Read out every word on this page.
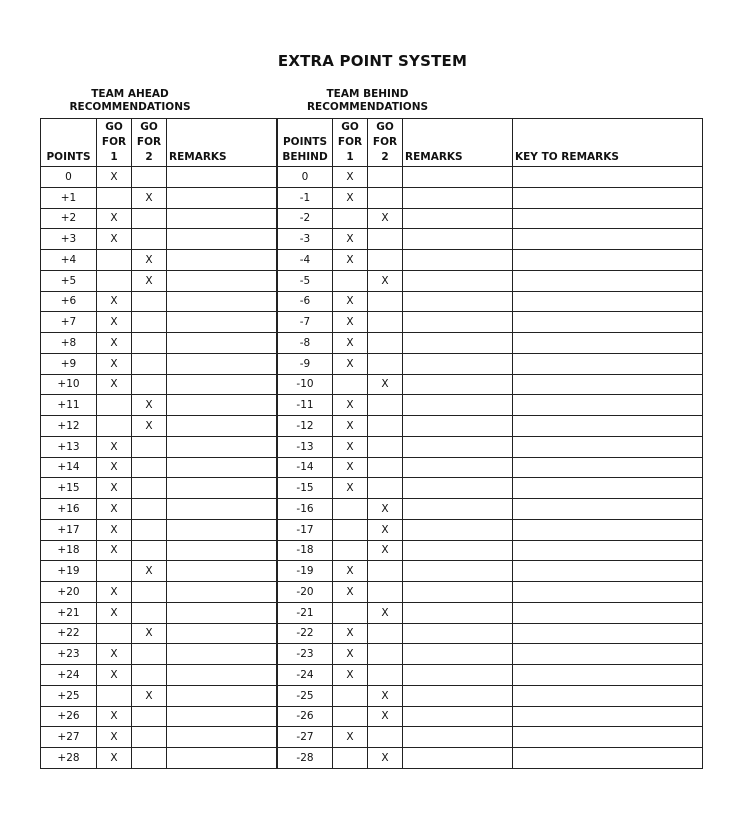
EXTRA POINT SYSTEM
TEAM AHEAD
RECOMMENDATIONS
TEAM BEHIND
RECOMMENDATIONS
POINTS	GO
FOR
1	GO
FOR
2	REMARKS		POINTS
BEHIND	GO
FOR
1	GO
FOR
2	REMARKS	KEY TO REMARKS
0	X				0	X			
+1		X			-1	X			
+2	X				-2		X		
+3	X				-3	X			
+4		X			-4	X			
+5		X			-5		X		
+6	X				-6	X			
+7	X				-7	X			
+8	X				-8	X			
+9	X				-9	X			
+10	X				-10		X		
+11		X			-11	X			
+12		X			-12	X			
+13	X				-13	X			
+14	X				-14	X			
+15	X				-15	X			
+16	X				-16		X		
+17	X				-17		X		
+18	X				-18		X		
+19		X			-19	X			
+20	X				-20	X			
+21	X				-21		X		
+22		X			-22	X			
+23	X				-23	X			
+24	X				-24	X			
+25		X			-25		X		
+26	X				-26		X		
+27	X				-27	X			
+28	X				-28		X		
